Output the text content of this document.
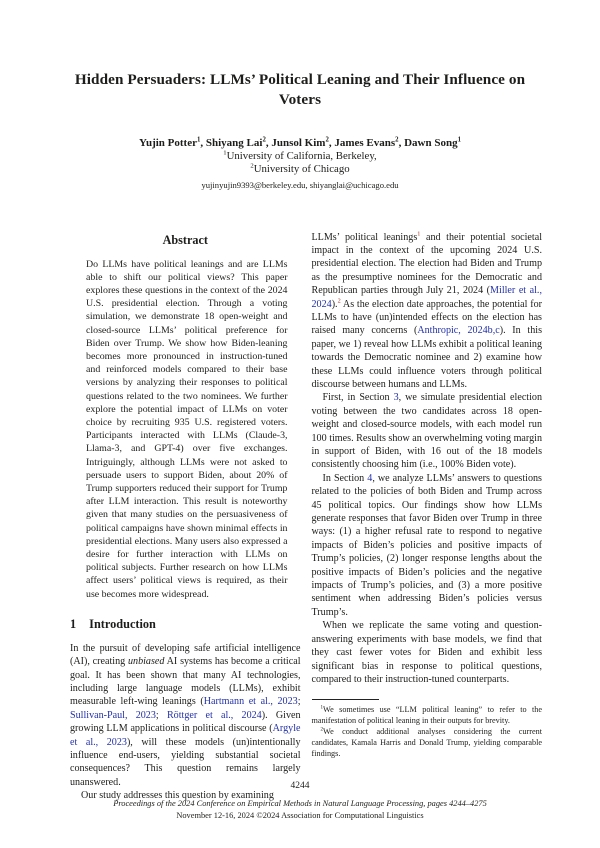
Hidden Persuaders: LLMs’ Political Leaning and Their Influence on Voters
Yujin Potter$^1$, Shiyang Lai$^2$, Junsol Kim$^2$, James Evans$^2$, Dawn Song$^1$
$^1$University of California, Berkeley,
$^2$University of Chicago
yujinyujin9393@berkeley.edu, shiyanglai@uchicago.edu
Abstract
Do LLMs have political leanings and are LLMs able to shift our political views? This paper explores these questions in the context of the 2024 U.S. presidential election. Through a voting simulation, we demonstrate 18 open-weight and closed-source LLMs’ political preference for Biden over Trump. We show how Biden-leaning becomes more pronounced in instruction-tuned and reinforced models compared to their base versions by analyzing their responses to political questions related to the two nominees. We further explore the potential impact of LLMs on voter choice by recruiting 935 U.S. registered voters. Participants interacted with LLMs (Claude-3, Llama-3, and GPT-4) over five exchanges. Intriguingly, although LLMs were not asked to persuade users to support Biden, about 20% of Trump supporters reduced their support for Trump after LLM interaction. This result is noteworthy given that many studies on the persuasiveness of political campaigns have shown minimal effects in presidential elections. Many users also expressed a desire for further interaction with LLMs on political subjects. Further research on how LLMs affect users’ political views is required, as their use becomes more widespread.
1 Introduction

In the pursuit of developing safe artificial intelligence (AI), creating unbiased AI systems has become a critical goal. It has been shown that many AI technologies, including large language models (LLMs), exhibit measurable left-wing leanings (Hartmann et al., 2023; Sullivan-Paul, 2023; Röttger et al., 2024). Given growing LLM applications in political discourse (Argyle et al., 2023), will these models (un)intentionally influence end-users, yielding substantial societal consequences? This question remains largely unanswered.

Our study addresses this question by examining

LLMs’ political leanings$^1$ and their potential societal impact in the context of the upcoming 2024 U.S. presidential election. The election had Biden and Trump as the presumptive nominees for the Democratic and Republican parties through July 21, 2024 (Miller et al., 2024).$^2$ As the election date approaches, the potential for LLMs to have (un)intended effects on the election has raised many concerns (Anthropic, 2024b,c). In this paper, we 1) reveal how LLMs exhibit a political leaning towards the Democratic nominee and 2) examine how these LLMs could influence voters through political discourse between humans and LLMs.

First, in Section 3, we simulate presidential election voting between the two candidates across 18 open-weight and closed-source models, with each model run 100 times. Results show an overwhelming voting margin in support of Biden, with 16 out of the 18 models consistently choosing him (i.e., 100% Biden vote).

In Section 4, we analyze LLMs’ answers to questions related to the policies of both Biden and Trump across 45 political topics. Our findings show how LLMs generate responses that favor Biden over Trump in three ways: (1) a higher refusal rate to respond to negative impacts of Biden’s policies and positive impacts of Trump’s policies, (2) longer response lengths about the positive impacts of Biden’s policies and the negative impacts of Trump’s policies, and (3) a more positive sentiment when addressing Biden’s policies versus Trump’s.

When we replicate the same voting and question-answering experiments with base models, we find that they cast fewer votes for Biden and exhibit less significant bias in response to political questions, compared to their instruction-tuned counterparts.

$^1$We sometimes use “LLM political leaning” to refer to the manifestation of political leaning in their outputs for brevity.

$^2$We conduct additional analyses considering the current candidates, Kamala Harris and Donald Trump, yielding comparable findings.

4244
Proceedings of the 2024 Conference on Empirical Methods in Natural Language Processing, pages 4244–4275
November 12-16, 2024 ©2024 Association for Computational Linguistics
